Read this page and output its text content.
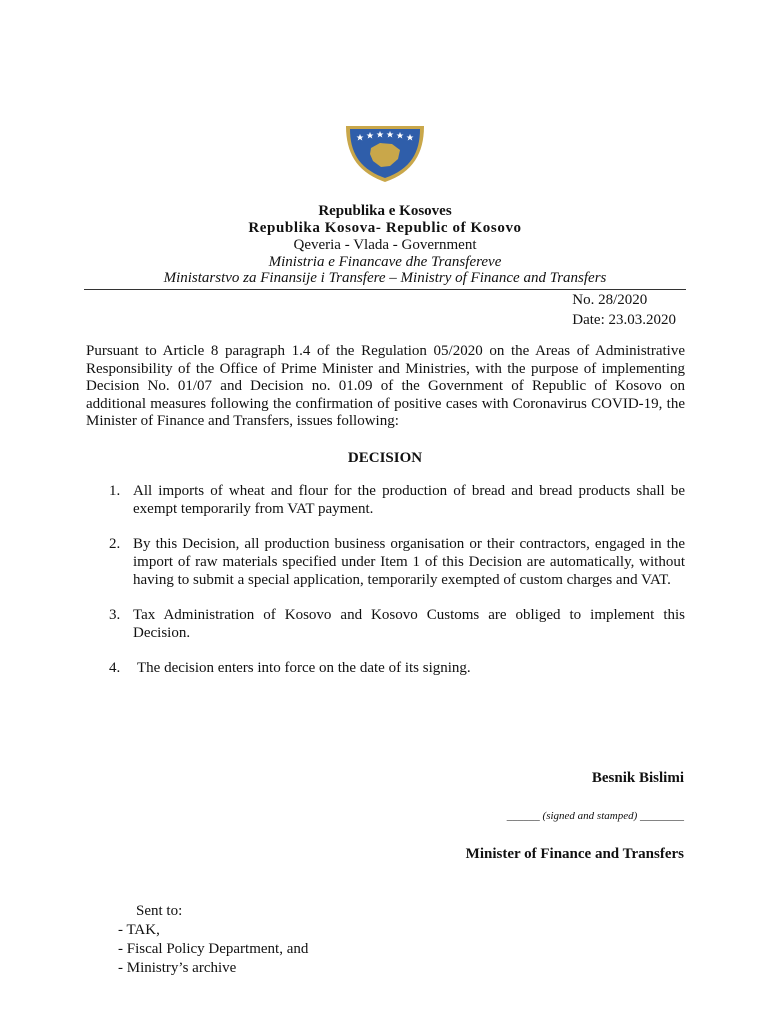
Republika e Kosoves
Republika Kosova- Republic of Kosovo
Qeveria - Vlada - Government
Ministria e Financave dhe Transfereve
Ministarstvo za Finansije i Transfere – Ministry of Finance and Transfers
No. 28/2020
Date: 23.03.2020
Pursuant to Article 8 paragraph 1.4 of the Regulation 05/2020 on the Areas of Administrative Responsibility of the Office of Prime Minister and Ministries, with the purpose of implementing Decision No. 01/07 and Decision no. 01.09 of the Government of Republic of Kosovo on additional measures following the confirmation of positive cases with Coronavirus COVID-19, the Minister of Finance and Transfers, issues following:
DECISION
1. All imports of wheat and flour for the production of bread and bread products shall be exempt temporarily from VAT payment.
2. By this Decision, all production business organisation or their contractors, engaged in the import of raw materials specified under Item 1 of this Decision are automatically, without having to submit a special application, temporarily exempted of custom charges and VAT.
3. Tax Administration of Kosovo and Kosovo Customs are obliged to implement this Decision.
4. The decision enters into force on the date of its signing.
Besnik Bislimi
______ (signed and stamped) ________
Minister of Finance and Transfers
Sent to:
- TAK,
- Fiscal Policy Department, and
- Ministry’s archive
